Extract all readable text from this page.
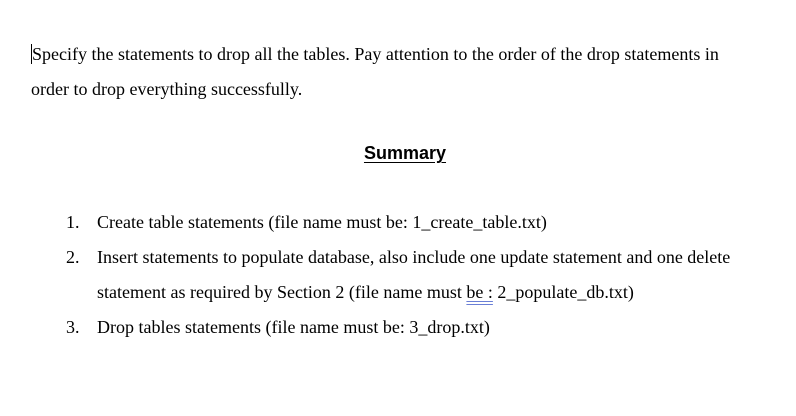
Specify the statements to drop all the tables. Pay attention to the order of the drop statements in order to drop everything successfully.

Summary
1. Create table statements (file name must be: 1_create_table.txt)
2. Insert statements to populate database, also include one update statement and one delete statement as required by Section 2 (file name must be : 2_populate_db.txt)
3. Drop tables statements (file name must be: 3_drop.txt)
